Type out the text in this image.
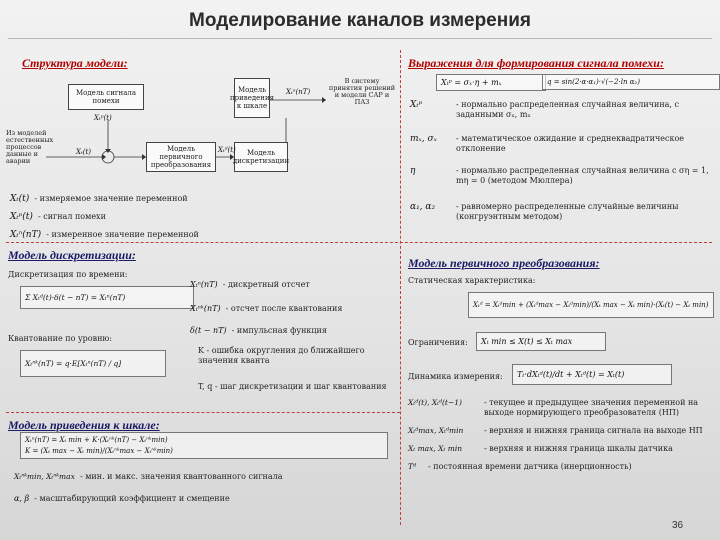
Моделирование каналов измерения
Структура модели:	Выражения для формирования сигнала помехи:
Модель сигнала помехи
Из моделей естественных процессов данные и аварии
Модель первичного преобразования
Модель дискретизации
Модель приведения к шкале
В систему принятия решений и модели САР и ПАЗ
Xₜᵖ(t)
Xₜ(t)	Xₜᵈ(t)
Xₜⁿ(nT)
Xₜ(t) - измеряемое значение переменной
Xₜᵖ(t) - сигнал помехи
Xₜⁿ(nT) - измеренное значение переменной
Xₜᵖ = σₓ·η + mₓ	q = sin(2·α·α₁)·√(−2·ln α₂)
Xₜᵖ	- нормально распределенная случайная величина, с заданными σₓ, mₓ
mₓ, σₓ	- математическое ожидание и среднеквадратическое отклонение
η	- нормально распределенная случайная величина с ση = 1, mη = 0 (методом Мюллера)
α₁, α₂	- равномерно распределенные случайные величины (конгруэнтным методом)
Модель дискретизации:
Дискретизация по времени:
Σ Xₜᵈ(t)·δ(t − nT) = Xₜⁿ(nT)
Xₜⁿ(nT) - дискретный отсчет
Xₜⁿᵏ(nT) - отсчет после квантования
δ(t − nT) - импульсная функция
Квантование по уровню:
Xₜⁿᵏ(nT) = q·E[Xₜⁿ(nT) / q]
K - ошибка округления до ближайшего значения кванта
T, q - шаг дискретизации и шаг квантования
Модель первичного преобразования:
Статическая характеристика:
Xₜᵈ = Xₜᵈmin + (Xₜᵈmax − Xₜᵈmin)/(Xₜ max − Xₜ min)·(Xₜ(t) − Xₜ min)
Ограничения:	Xₜ min ≤ X(t) ≤ Xₜ max
Динамика измерения:	Tₜ·dXₜᵈ(t)/dt + Xₜᵈ(t) = Xₜ(t)
Xₜᵈ(t), Xₜᵈ(t−1)	- текущее и предыдущее значения переменной на выходе нормирующего преобразователя (НП)
Xₜᵈmax, Xₜᵈmin	- верхняя и нижняя граница сигнала на выходе НП
Xₜ max, Xₜ min	- верхняя и нижняя граница шкалы датчика
Tᵈ	- постоянная времени датчика (инерционность)
Модель приведения к шкале:
Xₜⁿ(nT) = Xₜ min + K·(Xₜⁿᵏ(nT) − Xₜⁿᵏmin)
K = (Xₜ max − Xₜ min)/(Xₜⁿᵏmax − Xₜⁿᵏmin)
Xₜⁿᵏmin, Xₜⁿᵏmax - мин. и макс. значения квантованного сигнала
α, β - масштабирующий коэффициент и смещение
36
